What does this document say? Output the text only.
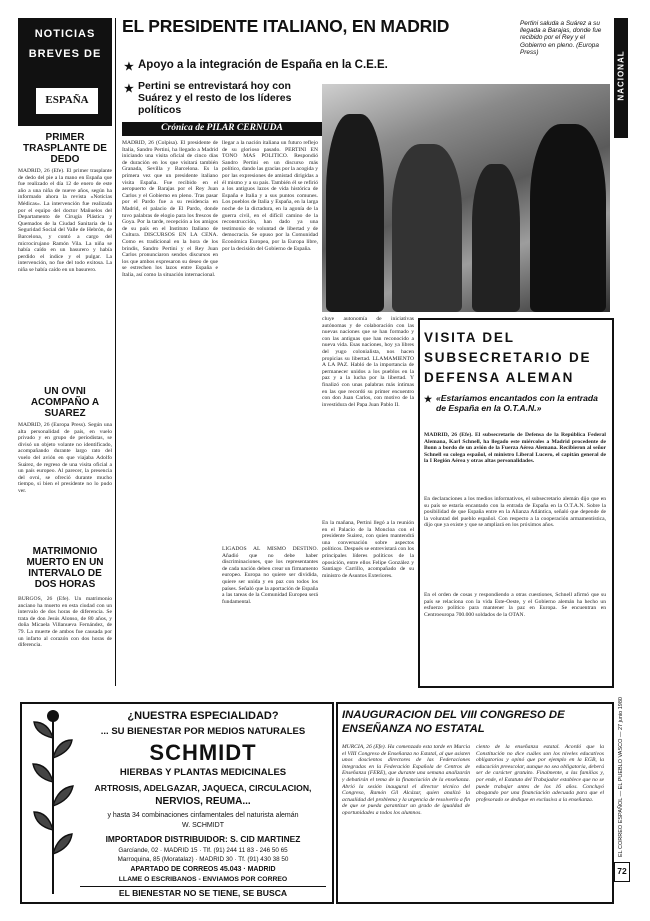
NOTICIAS
BREVES DE
ESPAÑA
PRIMER TRASPLANTE DE DEDO
MADRID, 26 (Efe). El primer trasplante de dedo del pie a la mano en España que fue realizado el día 12 de enero de este año a una niña de nueve años, según ha informado ahora la revista «Noticias Médicas». La intervención fue realizada por el equipo del doctor Mañuelos del Departamento de Cirugía Plástica y Quemados de la Ciudad Sanitaria de la Seguridad Social del Valle de Hebrón, de Barcelona, y contó a cargo del microcirujano Ramón Vila. La niña se había caído en un basurero y había perdido el índice y el pulgar. La intervención, no fue del todo exitosa. La niña se había caído en un basurero.
UN OVNI ACOMPAÑO A SUAREZ
MADRID, 26 (Europa Press). Según una alta personalidad de país, en vuelo privado y en grupo de periodistas, se divisó un objeto volante no identificado, acompañando durante largo rato del vuelo del avión en que viajaba Adolfo Suárez, de regreso de una visita oficial a un país europeo. Al parecer, la presencia del ovni, se ofreció durante mucho tiempo, si bien el presidente no lo pudo ver.
MATRIMONIO MUERTO EN UN INTERVALO DE DOS HORAS
BURGOS, 26 (Efe). Un matrimonio anciano ha muerto en esta ciudad con un intervalo de dos horas de diferencia. Se trata de don Jesús Alonso, de 80 años, y doña Micaela Villanueva Fernández, de 79. La muerte de ambos fue causada por un infarto al corazón con dos horas de diferencia.
EL PRESIDENTE ITALIANO, EN MADRID
★ Apoyo a la integración de España en la C.E.E.
★ Pertini se entrevistará hoy con Suárez y el resto de los líderes políticos
Crónica de PILAR CERNUDA
Pertini saluda a Suárez a su llegada a Barajas, donde fue recibido por el Rey y el Gobierno en pleno. (Europa Press)	NACIONAL
MADRID, 26 (Colpisa). El presidente de Italia, Sandro Pertini, ha llegado a Madrid iniciando una visita oficial de cinco días de duración en los que visitará también Granada, Sevilla y Barcelona. Es la primera vez que un presidente italiano visita España. Fue recibido en el aeropuerto de Barajas por el Rey Juan Carlos y el Gobierno en pleno. Tras pasar por el Pardo fue a su residencia en Madrid, el palacio de El Pardo, donde tuvo palabras de elogio para los frescos de Goya. Por la tarde, recepción a los amigos de su país en el Instituto Italiano de Cultura. DISCURSOS EN LA CENA. Como es tradicional en la hora de los brindis, Sandro Pertini y el Rey Juan Carlos pronunciaron sendos discursos en los que ambos expresaron su deseo de que se estrechen los lazos entre España e Italia, así como la situación internacional.
llegar a la nación italiana un futuro reflejo de su glorioso pasado. PERTINI EN TONO MAS POLITICO. Respondió Sandro Pertini en un discurso más político, dando las gracias por la acogida y por las expresiones de amistad dirigidas a él mismo y a su país. También él se refirió a los antiguos lazos de vida histórica de España e Italia y a sus puntos comunes. Los pueblos de Italia y España, en la larga noche de la dictadura, en la agonía de la guerra civil, en el difícil camino de la reconstrucción, han dado ya una testimonio de voluntad de libertad y de democracia. Se opuso por la Comunidad Económica Europea, por la Europa libre, por la decisión del Gobierno de España.
LIGADOS AL MISMO DESTINO. Añadió que no debe haber discriminaciones, que los representantes de cada nación deben crear un firmamento europeo. Europa no quiere ser dividida, quiere ser unida y en paz con todos los países. Señaló que la aportación de España a las tareas de la Comunidad Europea será fundamental.
cluye autonomía de iniciativas autónomas y de colaboración con las nuevas naciones que se han formado y con las antiguas que han reconocido a nueva vida. Esas naciones, hoy ya libres del yugo colonialista, nos hacen propicias su libertad. LLAMAMIENTO A LA PAZ. Habló de la importancia de permanecer unidos a los pueblos en la paz y a la lucha por la libertad. Y finalizó con unas palabras más íntimas en las que recordó su primer encuentro con don Juan Carlos, con motivo de la investidura del Papa Juan Pablo II.
En la mañana, Pertini llegó a la reunión en el Palacio de la Moncloa con el presidente Suárez, con quien mantendrá una conversación sobre aspectos políticos. Después se entrevistará con los principales líderes políticos de la oposición, entre ellos Felipe González y Santiago Carrillo, acompañado de su ministro de Asuntos Exteriores.
VISITA DEL SUBSECRETARIO DE DEFENSA ALEMAN
★ «Estaríamos encantados con la entrada de España en la O.T.A.N.»
MADRID, 26 (Efe). El subsecretario de Defensa de la República Federal Alemana, Karl Schnell, ha llegado este miércoles a Madrid procedente de Bonn a bordo de un avión de la Fuerza Aérea Alemana. Recibieron al señor Schnell su colega español, el ministro Liberal Lucero, el capitán general de la I Región Aérea y otras altas personalidades.
En declaraciones a los medios informativos, el subsecretario alemán dijo que en su país se estaría encantado con la entrada de España en la O.T.A.N. Sobre la posibilidad de que España entre en la Alianza Atlántica, señaló que depende de la voluntad del pueblo español. Con respecto a la cooperación armamentística, dijo que ya existe y que se ampliará en los próximos años.
En el orden de cosas y respondiendo a otras cuestiones, Schnell afirmó que su país se relaciona con la vida Este-Oeste, y el Gobierno alemán ha hecho un esfuerzo político para mantener la paz en Europa. Se encuentran en Centroeuropa 700.000 soldados de la OTAN.
¿NUESTRA ESPECIALIDAD?
... SU BIENESTAR POR MEDIOS NATURALES
SCHMIDT
HIERBAS Y PLANTAS MEDICINALES
ARTROSIS, ADELGAZAR, JAQUECA, CIRCULACION,
NERVIOS, REUMA...
y hasta 34 combinaciones cinfamentales del naturista alemán
W. SCHMIDT
IMPORTADOR DISTRIBUIDOR: S. CID MARTINEZ
Garcíande, 02 · MADRID 15 · Tlf. (91) 244 11 83 - 246 50 65
Marroquina, 85 (Moratalaz) · MADRID 30 · Tf. (91) 430 38 50
APARTADO DE CORREOS 45.043 · MADRID
LLAME O ESCRIBANOS - ENVIAMOS POR CORREO
EL BIENESTAR NO SE TIENE, SE BUSCA
INAUGURACION DEL VIII CONGRESO DE ENSEÑANZA NO ESTATAL
MURCIA, 26 (Efe). Ha comenzado esta tarde en Murcia el VIII Congreso de Enseñanza no Estatal, al que asisten unos doscientos directores de las Federaciones integradas en la Federación Española de Centros de Enseñanza (FERE), que durante una semana analizarán y debatirán el tema de la financiación de la enseñanza. Abrió la sesión inaugural el director técnico del Congreso, Ramón Gil Alcázar, quien analizó la actualidad del problema y la urgencia de resolverlo a fin de que se pueda garantizar un grado de igualdad de oportunidades a todos los alumnos.
ciento de la enseñanza estatal. Acordó que la Constitución no dice cuáles son los niveles educativos obligatorios y opinó que por ejemplo en la EGB, la educación preescolar, aunque no sea obligatoria, deberá ser de carácter gratuito. Finalmente, a las familias y, por ende, el Estatuto del Trabajador establece que no se puede trabajar antes de los 16 años. Concluyó abogando por una financiación adecuada para que el profesorado se dedique en exclusiva a la enseñanza.	EL CORREO ESPAÑOL — EL PUEBLO VASCO — 27 junio 1980
72
